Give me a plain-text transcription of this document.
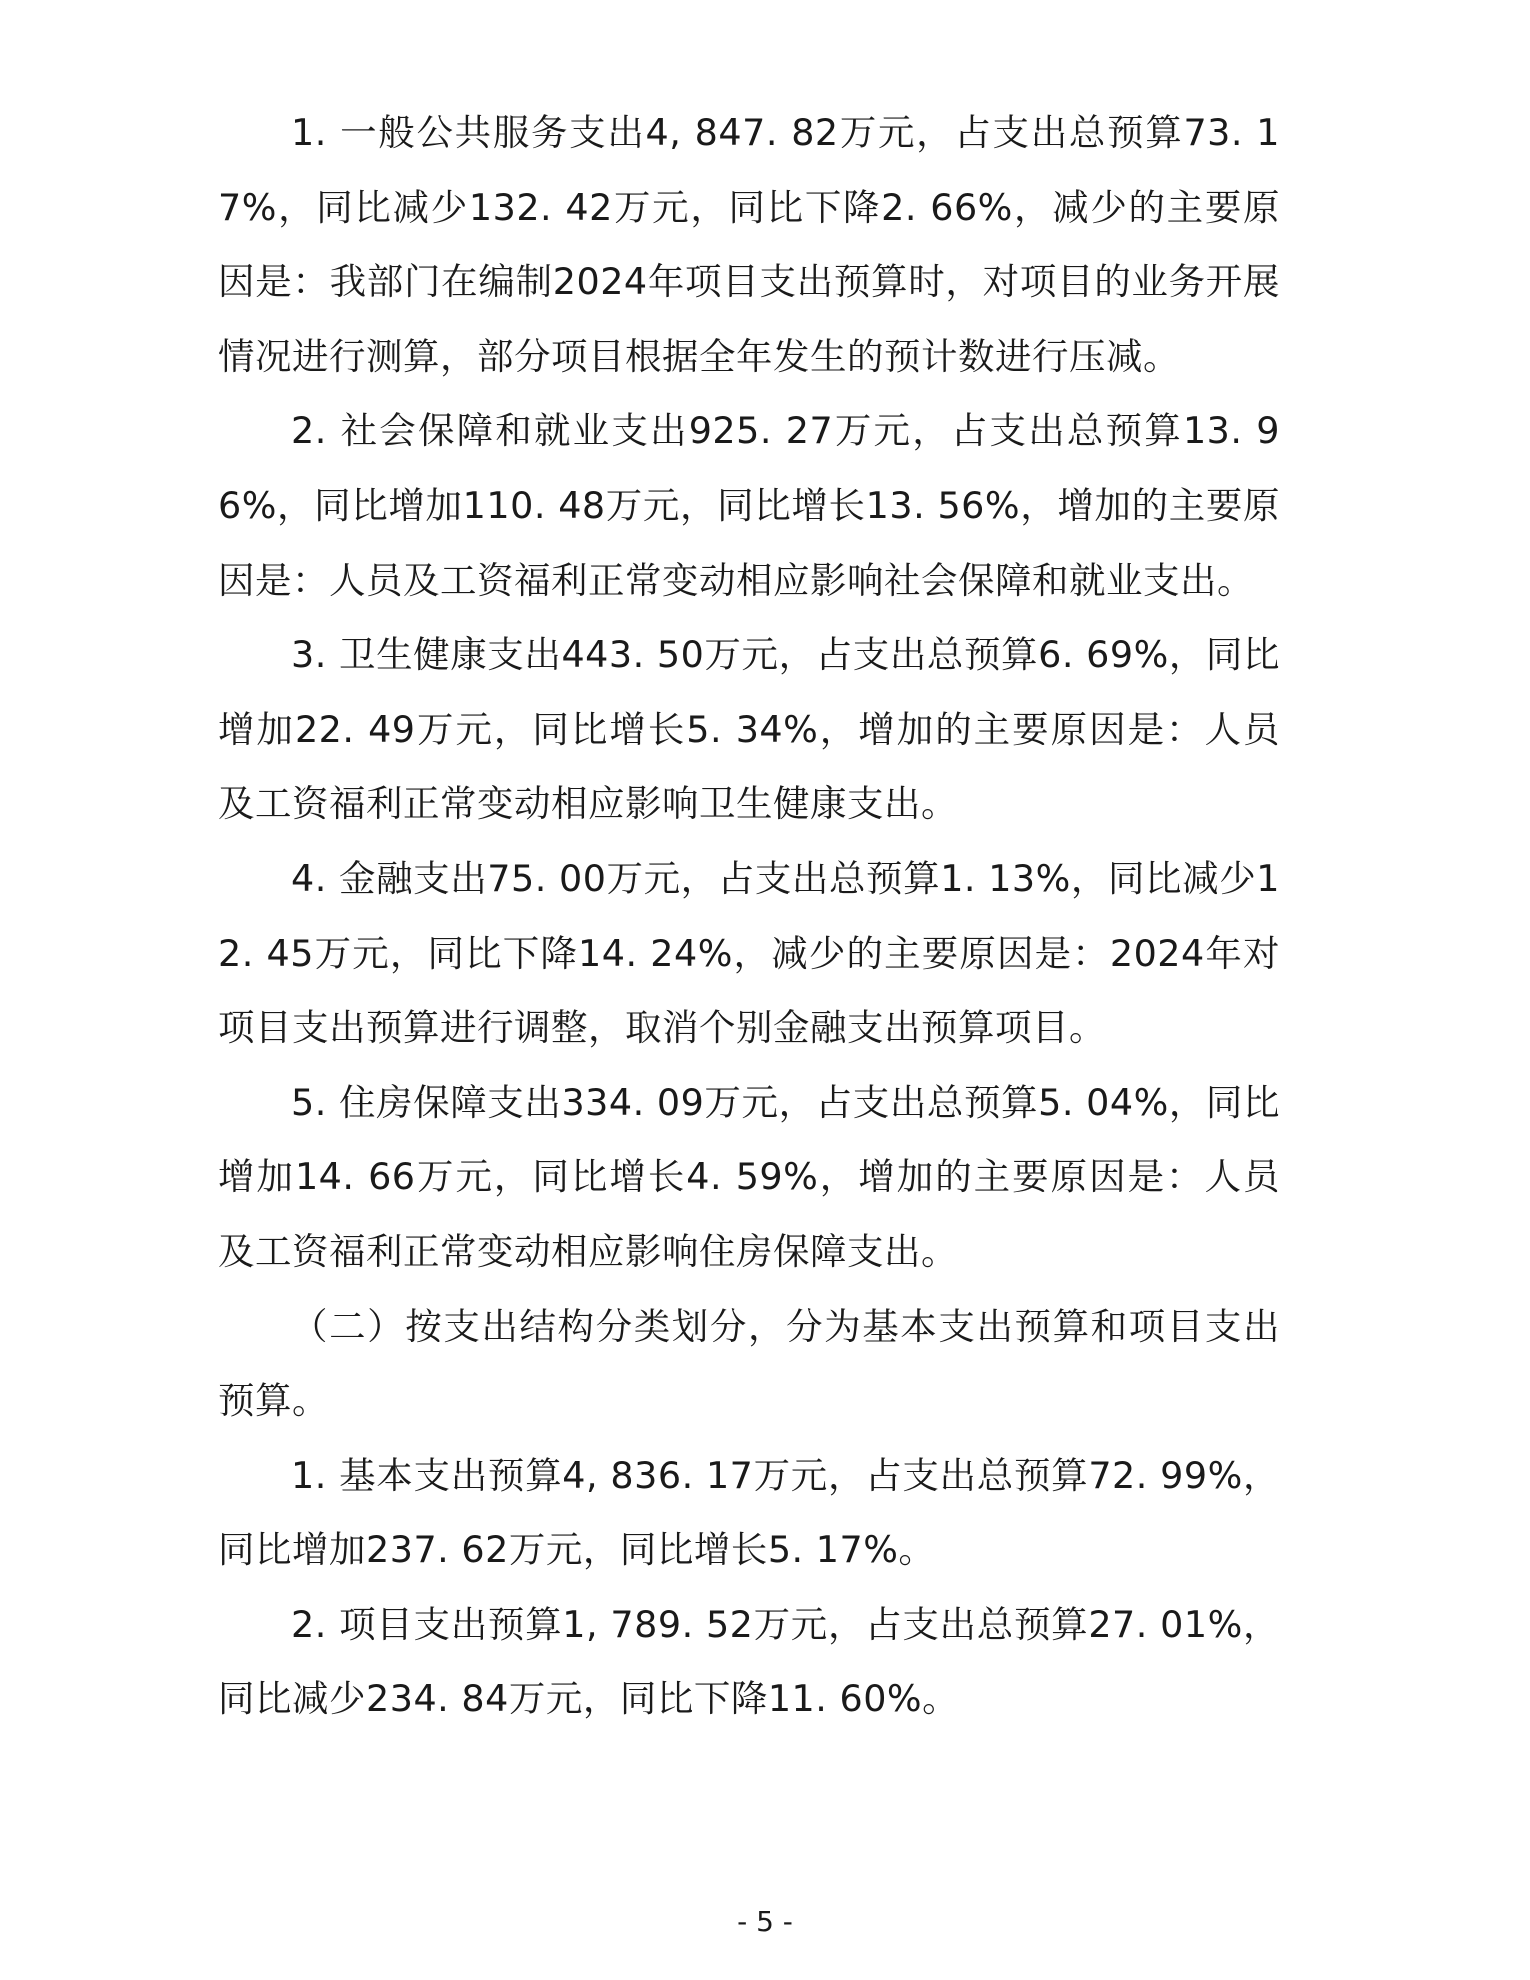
1. 一般公共服务支出4, 847. 82万元，占支出总预算73. 17%，同比减少132. 42万元，同比下降2. 66%，减少的主要原因是：我部门在编制2024年项目支出预算时，对项目的业务开展情况进行测算，部分项目根据全年发生的预计数进行压减。

2. 社会保障和就业支出925. 27万元，占支出总预算13. 96%，同比增加110. 48万元，同比增长13. 56%，增加的主要原因是：人员及工资福利正常变动相应影响社会保障和就业支出。

3. 卫生健康支出443. 50万元，占支出总预算6. 69%，同比增加22. 49万元，同比增长5. 34%，增加的主要原因是：人员及工资福利正常变动相应影响卫生健康支出。

4. 金融支出75. 00万元，占支出总预算1. 13%，同比减少12. 45万元，同比下降14. 24%，减少的主要原因是：2024年对项目支出预算进行调整，取消个别金融支出预算项目。

5. 住房保障支出334. 09万元，占支出总预算5. 04%，同比增加14. 66万元，同比增长4. 59%，增加的主要原因是：人员及工资福利正常变动相应影响住房保障支出。

（二）按支出结构分类划分，分为基本支出预算和项目支出预算。

1. 基本支出预算4, 836. 17万元，占支出总预算72. 99%，同比增加237. 62万元，同比增长5. 17%。

2. 项目支出预算1, 789. 52万元，占支出总预算27. 01%，同比减少234. 84万元，同比下降11. 60%。

- 5 -
